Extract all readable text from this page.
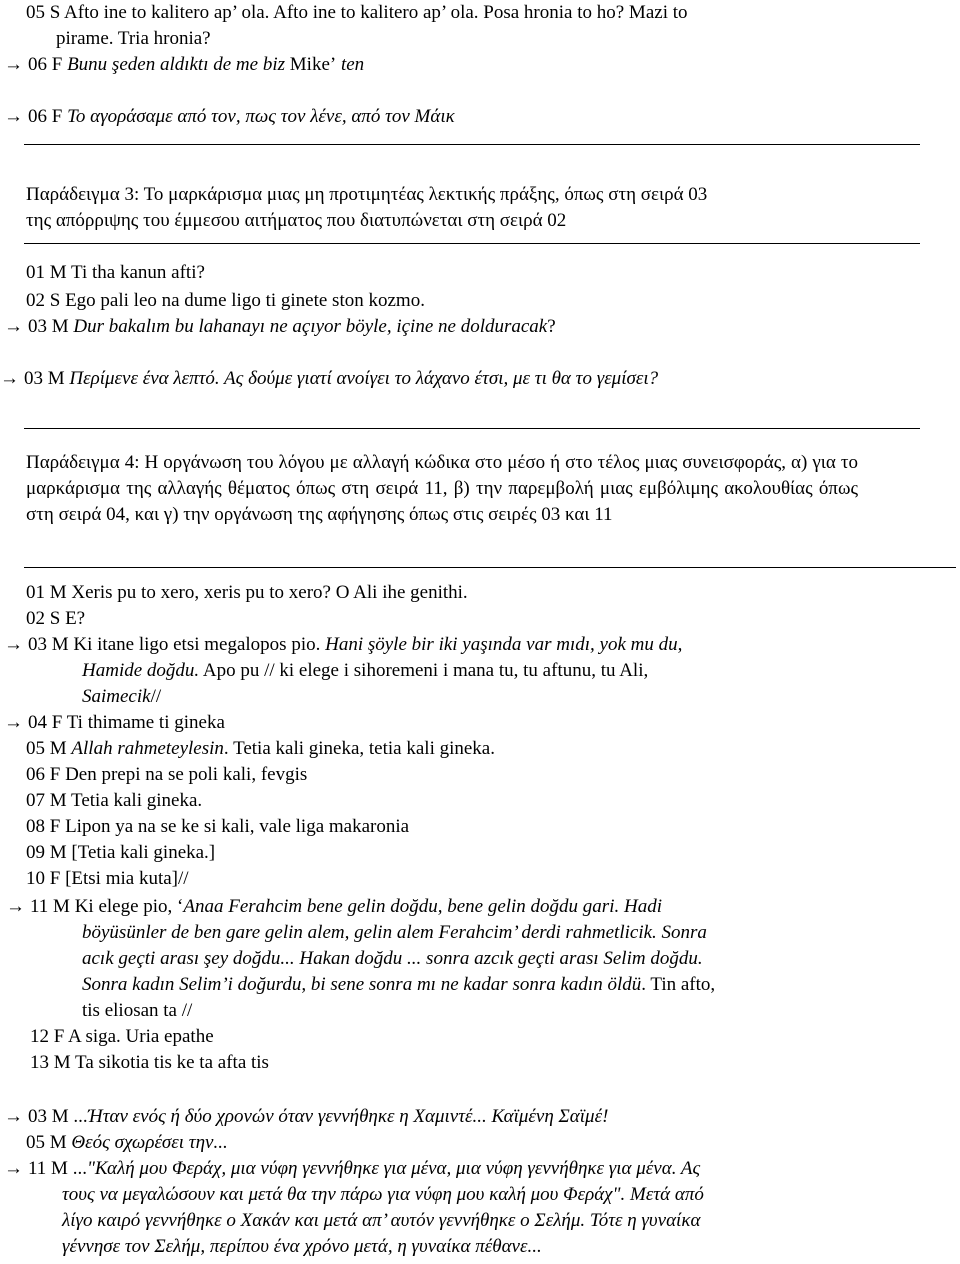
05 S Afto ine to kalitero ap’ ola. Afto ine to kalitero ap’ ola. Posa hronia to ho? Mazi to
pirame. Tria hronia?
→ 06 F Bunu şeden aldıktı de me biz Mike’ ten
→ 06 F Το αγοράσαμε από τον, πως τον λένε, από τον Μάικ
Παράδειγμα 3: Το μαρκάρισμα μιας μη προτιμητέας λεκτικής πράξης, όπως στη σειρά 03
της απόρριψης του έμμεσου αιτήματος που διατυπώνεται στη σειρά 02
01 M Ti tha kanun afti?
02 S Ego pali leo na dume ligo ti ginete ston kozmo.
→ 03 M Dur bakalım bu lahanayı ne açıyor böyle, içine ne dolduracak?
→ 03 M Περίμενε ένα λεπτό. Ας δούμε γιατί ανοίγει το λάχανο έτσι, με τι θα το γεμίσει?
Παράδειγμα 4: Η οργάνωση του λόγου με αλλαγή κώδικα στο μέσο ή στο τέλος μιας συνεισφοράς, α) για το μαρκάρισμα της αλλαγής θέματος όπως στη σειρά 11, β) την παρεμβολή μιας εμβόλιμης ακολουθίας όπως στη σειρά 04, και γ) την οργάνωση της αφήγησης όπως στις σειρές 03 και 11
01 M Xeris pu to xero, xeris pu to xero? O Ali ihe genithi.
02 S E?
→ 03 M Ki itane ligo etsi megalopos pio. Hani şöyle bir iki yaşında var mıdı, yok mu du,
Hamide doğdu. Apo pu // ki elege i sihoremeni i mana tu, tu aftunu, tu Ali,
Saimecik//
→ 04 F Ti thimame ti gineka
05 M Allah rahmeteylesin. Tetia kali gineka, tetia kali gineka.
06 F Den prepi na se poli kali, fevgis
07 M Tetia kali gineka.
08 F Lipon ya na se ke si kali, vale liga makaronia
09 M [Tetia kali gineka.]
10 F [Etsi mia kuta]//
→ 11 M Ki elege pio, ‘Anaa Ferahcim bene gelin doğdu, bene gelin doğdu gari. Hadi
böyüsünler de ben gare gelin alem, gelin alem Ferahcim’ derdi rahmetlicik. Sonra
acık geçti arası şey doğdu... Hakan doğdu ... sonra azcık geçti arası Selim doğdu.
Sonra kadın Selim’i doğurdu, bi sene sonra mı ne kadar sonra kadın öldü. Tin afto,
tis eliosan ta //
12 F A siga. Uria epathe
13 M Ta sikotia tis ke ta afta tis
→ 03 M ...Ήταν ενός ή δύο χρονών όταν γεννήθηκε η Χαμιντέ... Καϊμένη Σαϊμέ!
05 M Θεός σχωρέσει την...
→ 11 M ..."Καλή μου Φεράχ, μια νύφη γεννήθηκε για μένα, μια νύφη γεννήθηκε για μένα. Ας
τους να μεγαλώσουν και μετά θα την πάρω για νύφη μου καλή μου Φεράχ". Μετά από
λίγο καιρό γεννήθηκε ο Χακάν και μετά απ’ αυτόν γεννήθηκε ο Σελήμ. Τότε η γυναίκα
γέννησε τον Σελήμ, περίπου ένα χρόνο μετά, η γυναίκα πέθανε...
